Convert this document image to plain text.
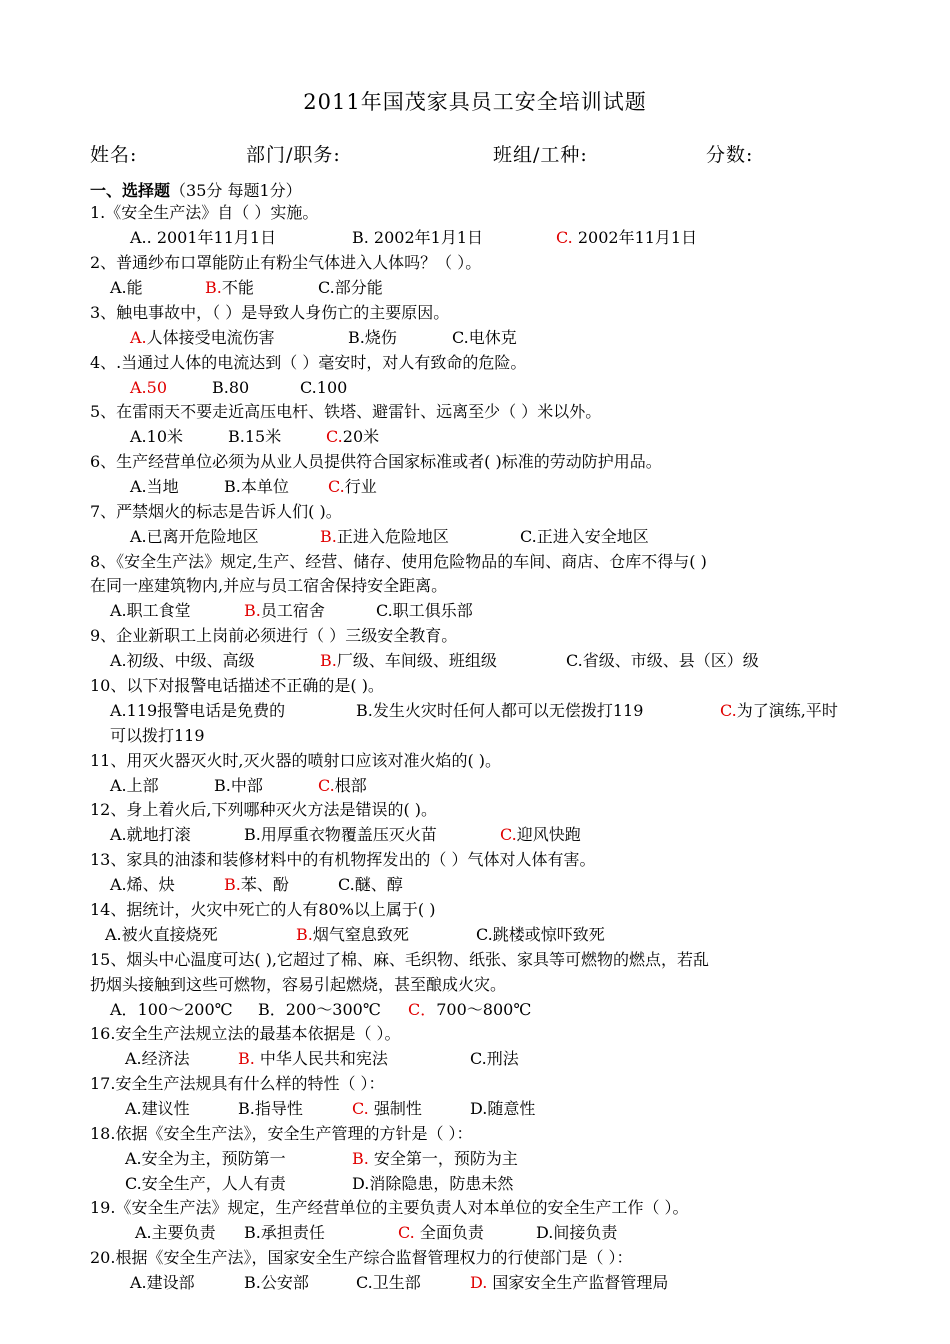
2011年国茂家具员工安全培训试题
姓名:	部门/职务:	班组/工种:	分数:
一、选择题（35分 每题1分）
1.《安全生产法》自（ ）实施。
A.. 2001年11月1日	B. 2002年1月1日	C. 2002年11月1日
2、普通纱布口罩能防止有粉尘气体进入人体吗？（ ）。
A.能	B.不能	C.部分能
3、触电事故中，（ ）是导致人身伤亡的主要原因。
A.人体接受电流伤害	B.烧伤	C.电休克
4、.当通过人体的电流达到（ ）毫安时，对人有致命的危险。
A.50	B.80	C.100
5、在雷雨天不要走近高压电杆、铁塔、避雷针、远离至少（ ）米以外。
A.10米	B.15米	C.20米
6、生产经营单位必须为从业人员提供符合国家标准或者( )标准的劳动防护用品。
A.当地	B.本单位 C.行业
7、严禁烟火的标志是告诉人们( )。
A.已离开危险地区	B.正进入危险地区	C.正进入安全地区
8、《安全生产法》规定,生产、经营、储存、使用危险物品的车间、商店、仓库不得与( )
在同一座建筑物内,并应与员工宿舍保持安全距离。
A.职工食堂	B.员工宿舍	C.职工俱乐部
9、企业新职工上岗前必须进行（ ）三级安全教育。
A.初级、中级、高级	B.厂级、车间级、班组级	C.省级、市级、县（区）级
10、以下对报警电话描述不正确的是( )。
A.119报警电话是免费的	B.发生火灾时任何人都可以无偿拨打119	C.为了演练,平时
可以拨打119
11、用灭火器灭火时,灭火器的喷射口应该对准火焰的( )。
A.上部	B.中部	C.根部
12、身上着火后,下列哪种灭火方法是错误的( )。
A.就地打滚	B.用厚重衣物覆盖压灭火苗	C.迎风快跑
13、家具的油漆和装修材料中的有机物挥发出的（ ）气体对人体有害。
A.烯、炔	B.苯、酚	C.醚、醇
14、据统计，火灾中死亡的人有80%以上属于( )
A.被火直接烧死	B.烟气窒息致死	C.跳楼或惊吓致死
15、烟头中心温度可达( ),它超过了棉、麻、毛织物、纸张、家具等可燃物的燃点，若乱
扔烟头接触到这些可燃物，容易引起燃烧，甚至酿成火灾。
A．100～200℃ B．200～300℃ C．700～800℃
16.安全生产法规立法的最基本依据是（ ）。
A.经济法	B. 中华人民共和宪法	C.刑法
17.安全生产法规具有什么样的特性（ ）：
A.建议性	B.指导性	C. 强制性	D.随意性
18.依据《安全生产法》，安全生产管理的方针是（ ）：
A.安全为主，预防第一	B. 安全第一，预防为主
C.安全生产，人人有责	D.消除隐患，防患未然
19.《安全生产法》规定，生产经营单位的主要负责人对本单位的安全生产工作（ ）。
A.主要负责 B.承担责任	C. 全面负责	D.间接负责
20.根据《安全生产法》，国家安全生产综合监督管理权力的行使部门是（ ）：
A.建设部	B.公安部	C.卫生部	D. 国家安全生产监督管理局
